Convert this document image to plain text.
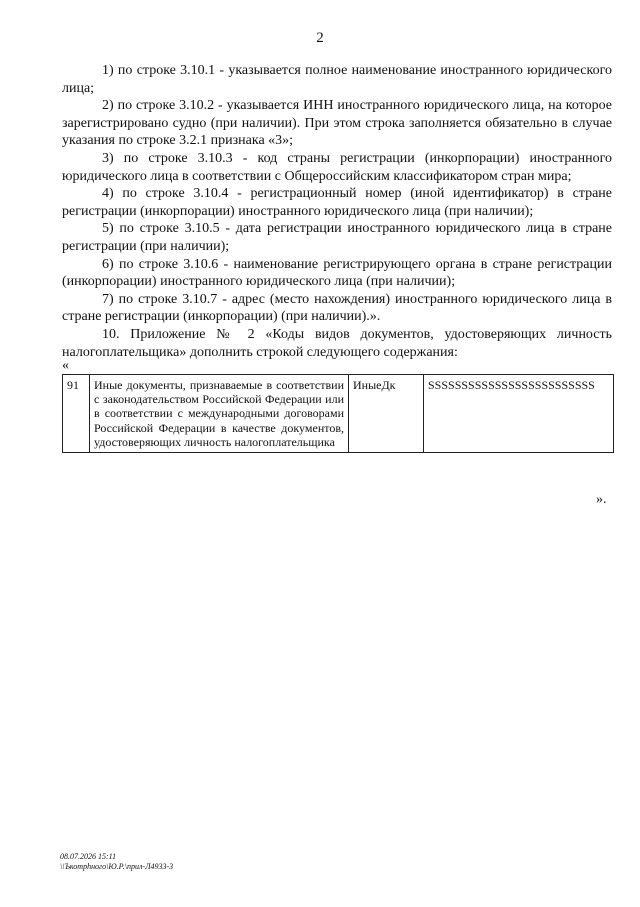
2

1) по строке 3.10.1 - указывается полное наименование иностранного юридического лица;

2) по строке 3.10.2 - указывается ИНН иностранного юридического лица, на которое зарегистрировано судно (при наличии). При этом строка заполняется обязательно в случае указания по строке 3.2.1 признака «3»;

3) по строке 3.10.3 - код страны регистрации (инкорпорации) иностранного юридического лица в соответствии с Общероссийским классификатором стран мира;

4) по строке 3.10.4 - регистрационный номер (иной идентификатор) в стране регистрации (инкорпорации) иностранного юридического лица (при наличии);

5) по строке 3.10.5 - дата регистрации иностранного юридического лица в стране регистрации (при наличии);

6) по строке 3.10.6 - наименование регистрирующего органа в стране регистрации (инкорпорации) иностранного юридического лица (при наличии);

7) по строке 3.10.7 - адрес (место нахождения) иностранного юридического лица в стране регистрации (инкорпорации) (при наличии).».

10. Приложение № 2 «Коды видов документов, удостоверяющих личность налогоплательщика» дополнить строкой следующего содержания:

«
91	Иные документы, признаваемые в соответствии с законодательством Российской Федерации или в соответствии с международными договорами Российской Федерации в качестве документов, удостоверяющих личность налогоплательщика	ИныеДк	SSSSSSSSSSSSSSSSSSSSSSSSS
».
08.07.2026 15:11
\\Ъкотрhного\Ю.Р.\прил-Л4933-3
